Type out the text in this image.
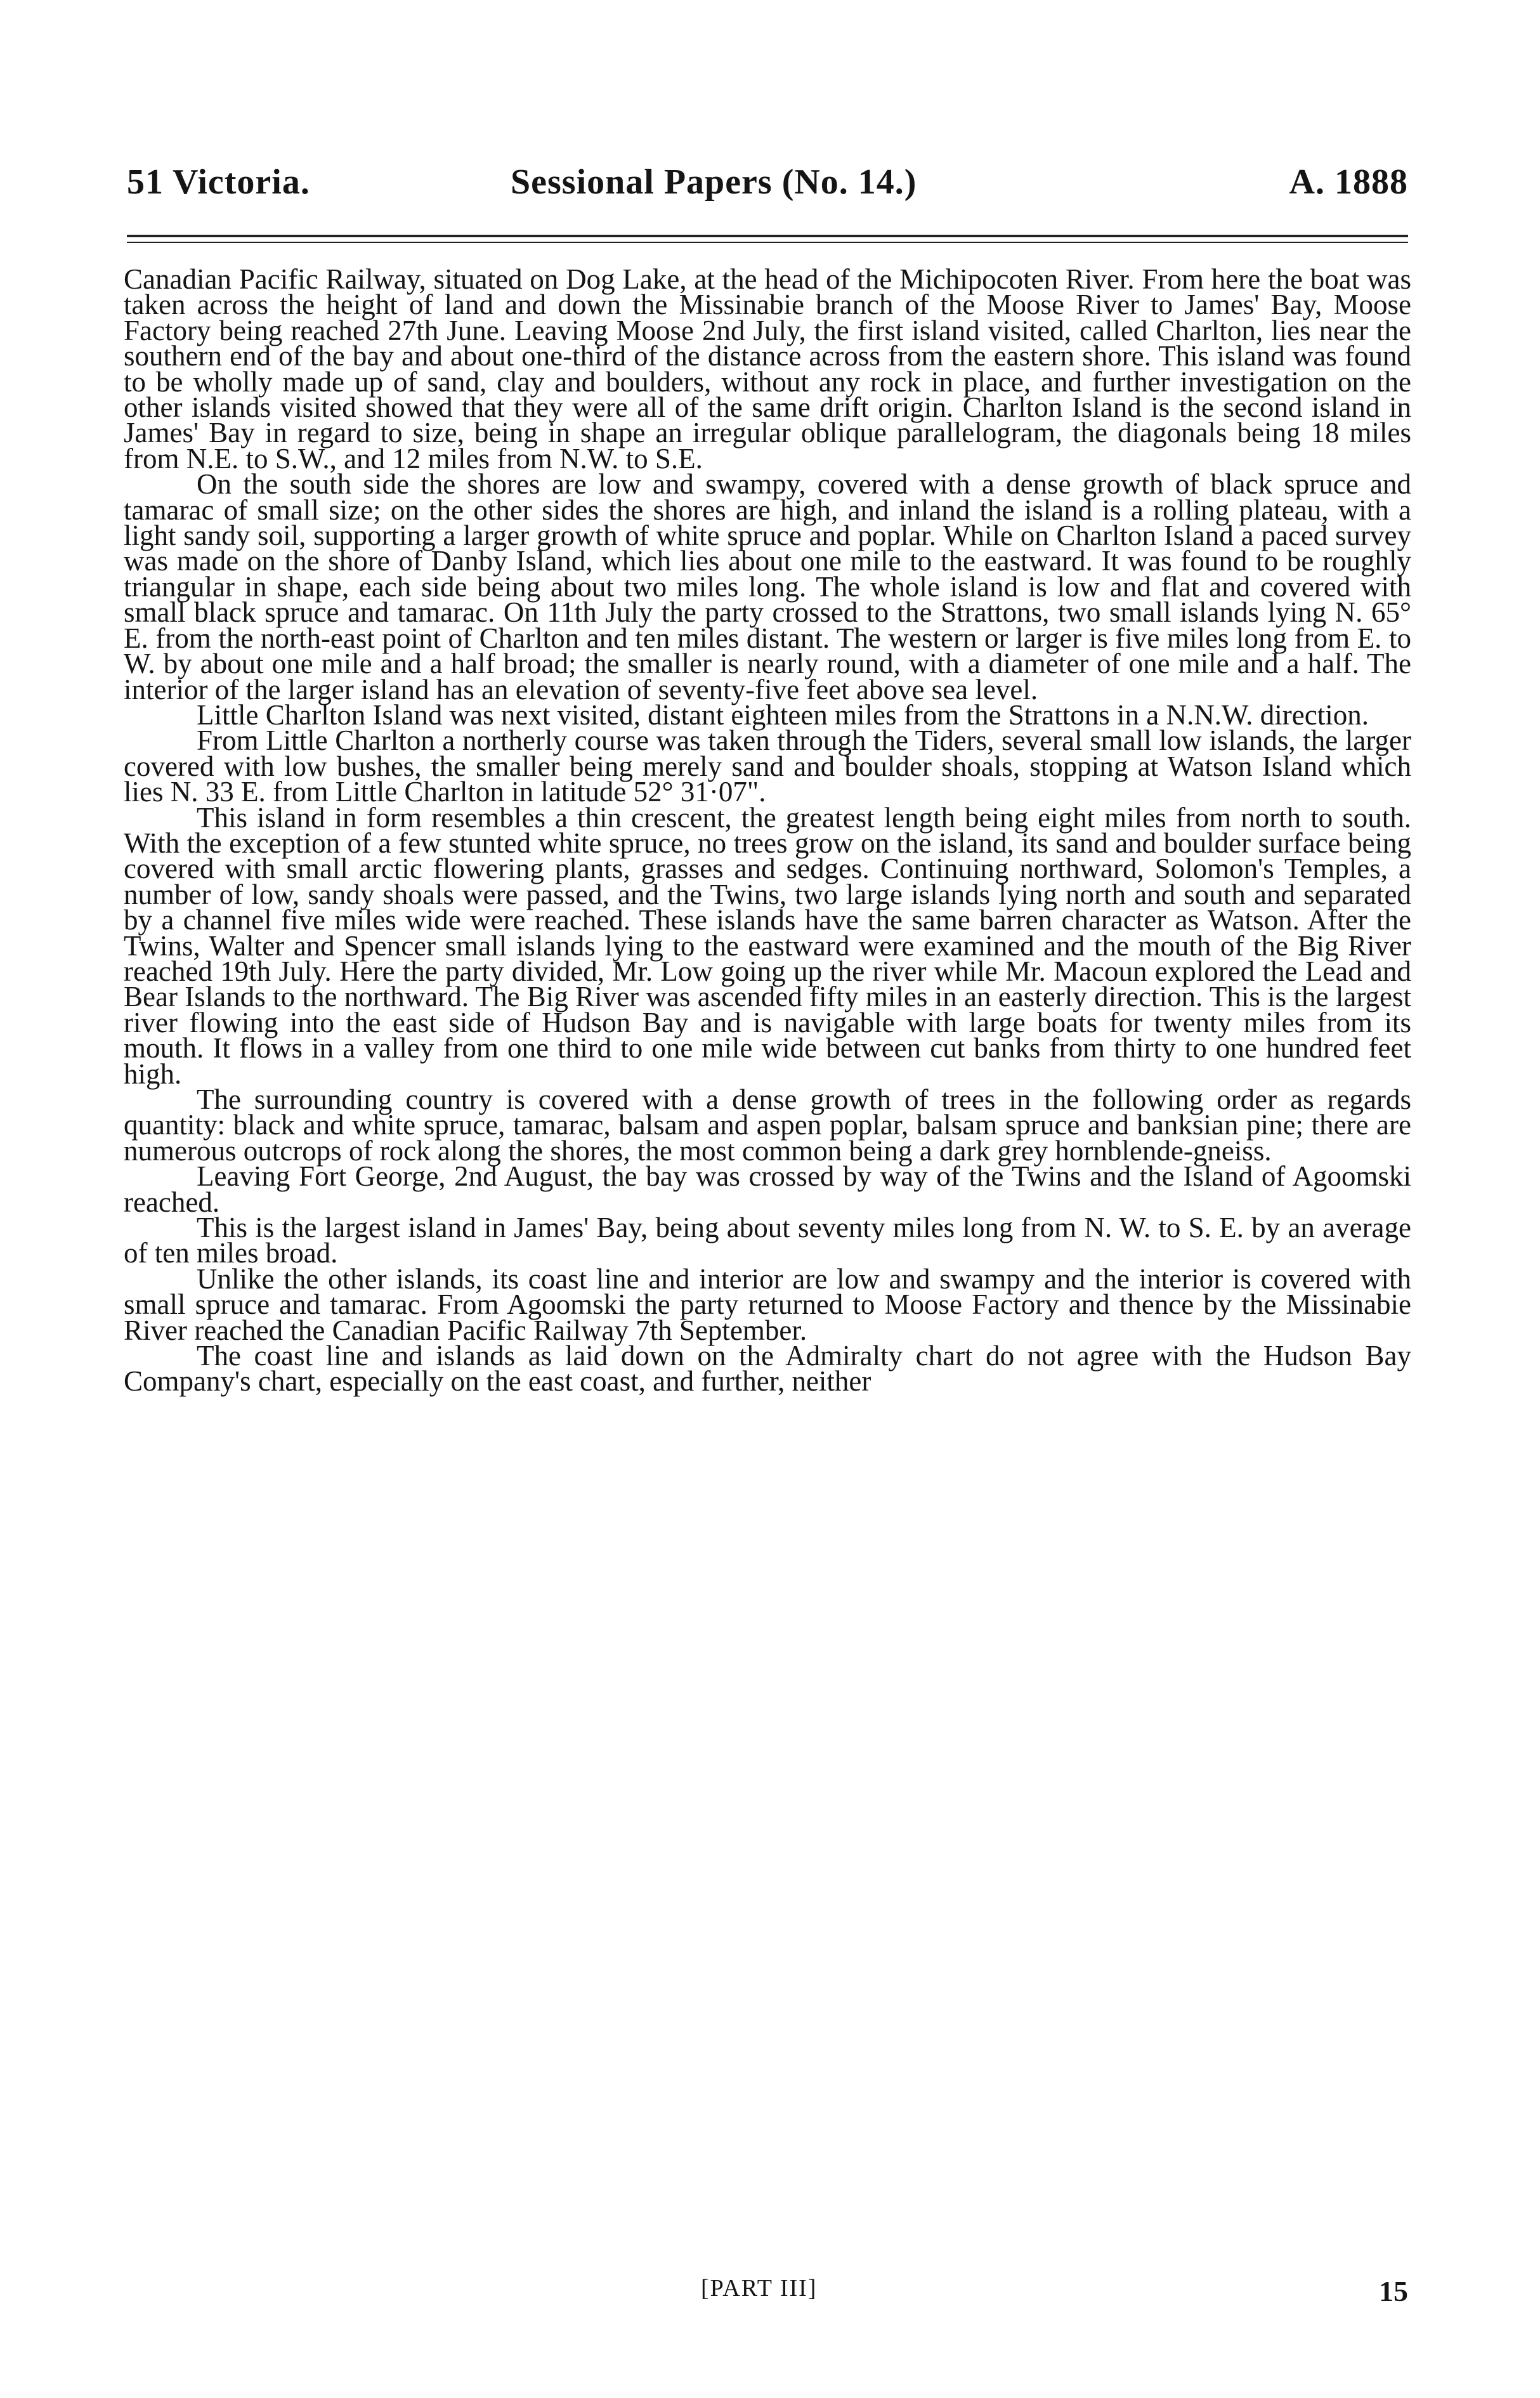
51 Victoria.	Sessional Papers (No. 14.)	A. 1888

Canadian Pacific Railway, situated on Dog Lake, at the head of the Michipocoten River. From here the boat was taken across the height of land and down the Missinabie branch of the Moose River to James' Bay, Moose Factory being reached 27th June. Leaving Moose 2nd July, the first island visited, called Charlton, lies near the southern end of the bay and about one-third of the distance across from the eastern shore. This island was found to be wholly made up of sand, clay and boulders, without any rock in place, and further investigation on the other islands visited showed that they were all of the same drift origin. Charlton Island is the second island in James' Bay in regard to size, being in shape an irregular oblique parallelogram, the diagonals being 18 miles from N.E. to S.W., and 12 miles from N.W. to S.E.

On the south side the shores are low and swampy, covered with a dense growth of black spruce and tamarac of small size; on the other sides the shores are high, and inland the island is a rolling plateau, with a light sandy soil, supporting a larger growth of white spruce and poplar. While on Charlton Island a paced survey was made on the shore of Danby Island, which lies about one mile to the eastward. It was found to be roughly triangular in shape, each side being about two miles long. The whole island is low and flat and covered with small black spruce and tamarac. On 11th July the party crossed to the Strattons, two small islands lying N. 65° E. from the north-east point of Charlton and ten miles distant. The western or larger is five miles long from E. to W. by about one mile and a half broad; the smaller is nearly round, with a diameter of one mile and a half. The interior of the larger island has an elevation of seventy-five feet above sea level.

Little Charlton Island was next visited, distant eighteen miles from the Strattons in a N.N.W. direction.

From Little Charlton a northerly course was taken through the Tiders, several small low islands, the larger covered with low bushes, the smaller being merely sand and boulder shoals, stopping at Watson Island which lies N. 33 E. from Little Charlton in latitude 52° 31·07".

This island in form resembles a thin crescent, the greatest length being eight miles from north to south. With the exception of a few stunted white spruce, no trees grow on the island, its sand and boulder surface being covered with small arctic flowering plants, grasses and sedges. Continuing northward, Solomon's Temples, a number of low, sandy shoals were passed, and the Twins, two large islands lying north and south and separated by a channel five miles wide were reached. These islands have the same barren character as Watson. After the Twins, Walter and Spencer small islands lying to the eastward were examined and the mouth of the Big River reached 19th July. Here the party divided, Mr. Low going up the river while Mr. Macoun explored the Lead and Bear Islands to the northward. The Big River was ascended fifty miles in an easterly direction. This is the largest river flowing into the east side of Hudson Bay and is navigable with large boats for twenty miles from its mouth. It flows in a valley from one third to one mile wide between cut banks from thirty to one hundred feet high.

The surrounding country is covered with a dense growth of trees in the following order as regards quantity: black and white spruce, tamarac, balsam and aspen poplar, balsam spruce and banksian pine; there are numerous outcrops of rock along the shores, the most common being a dark grey hornblende-gneiss.

Leaving Fort George, 2nd August, the bay was crossed by way of the Twins and the Island of Agoomski reached.

This is the largest island in James' Bay, being about seventy miles long from N. W. to S. E. by an average of ten miles broad.

Unlike the other islands, its coast line and interior are low and swampy and the interior is covered with small spruce and tamarac. From Agoomski the party returned to Moose Factory and thence by the Missinabie River reached the Canadian Pacific Railway 7th September.

The coast line and islands as laid down on the Admiralty chart do not agree with the Hudson Bay Company's chart, especially on the east coast, and further, neither

[PART III]	15
